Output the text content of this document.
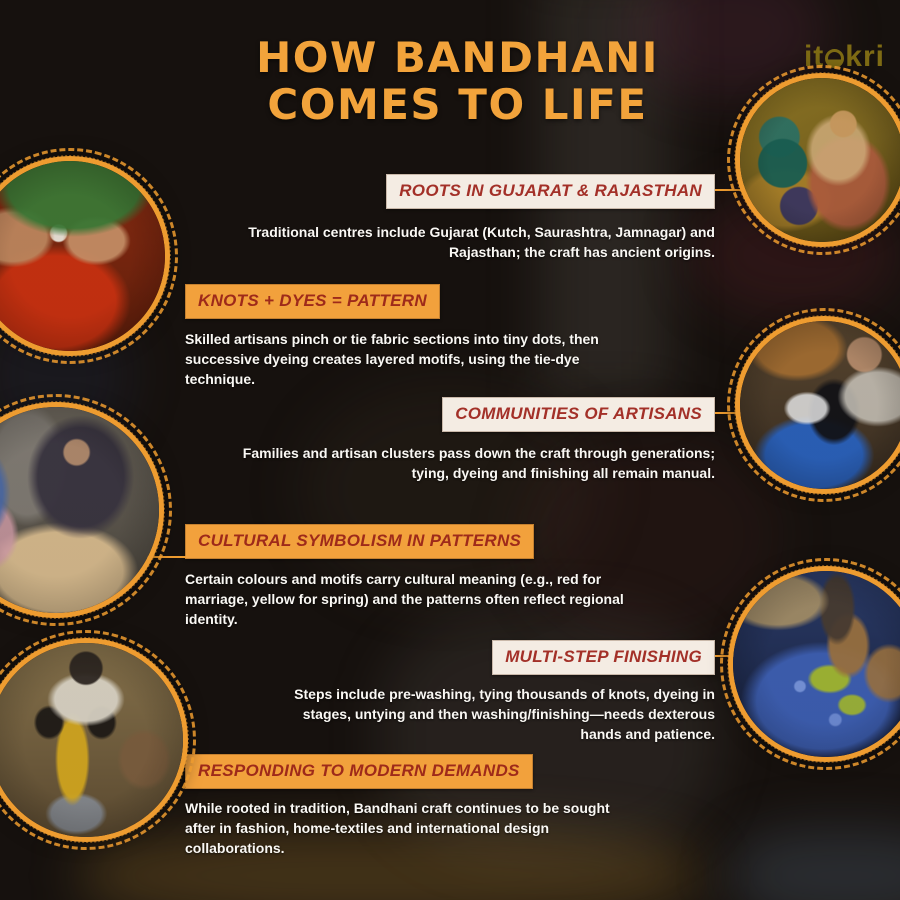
HOW BANDHANI
COMES TO LIFE
it kri
ROOTS IN GUJARAT & RAJASTHAN
Traditional centres include Gujarat (Kutch, Saurashtra, Jamnagar) and Rajasthan; the craft has ancient origins.
KNOTS + DYES = PATTERN
Skilled artisans pinch or tie fabric sections into tiny dots, then successive dyeing creates layered motifs, using the tie-dye technique.
COMMUNITIES OF ARTISANS
Families and artisan clusters pass down the craft through generations; tying, dyeing and finishing all remain manual.
CULTURAL SYMBOLISM IN PATTERNS
Certain colours and motifs carry cultural meaning (e.g., red for marriage, yellow for spring) and the patterns often reflect regional identity.
MULTI-STEP FINISHING
Steps include pre-washing, tying thousands of knots, dyeing in stages, untying and then washing/finishing—needs dexterous hands and patience.
RESPONDING TO MODERN DEMANDS
While rooted in tradition, Bandhani craft continues to be sought after in fashion, home-textiles and international design collaborations.
